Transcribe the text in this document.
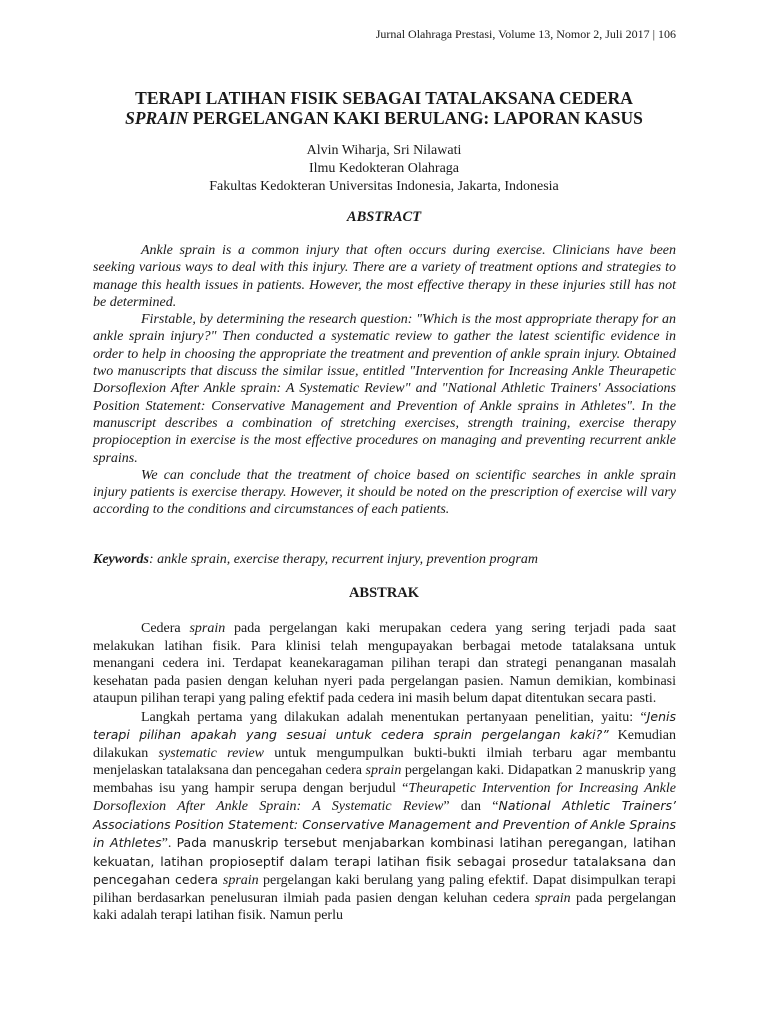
Jurnal Olahraga Prestasi, Volume 13, Nomor 2, Juli 2017 | 106
TERAPI LATIHAN FISIK SEBAGAI TATALAKSANA CEDERA
SPRAIN PERGELANGAN KAKI BERULANG: LAPORAN KASUS
Alvin Wiharja, Sri Nilawati
Ilmu Kedokteran Olahraga
Fakultas Kedokteran Universitas Indonesia, Jakarta, Indonesia
ABSTRACT

Ankle sprain is a common injury that often occurs during exercise. Clinicians have been seeking various ways to deal with this injury. There are a variety of treatment options and strategies to manage this health issues in patients. However, the most effective therapy in these injuries still has not be determined.

Firstable, by determining the research question: "Which is the most appropriate therapy for an ankle sprain injury?" Then conducted a systematic review to gather the latest scientific evidence in order to help in choosing the appropriate the treatment and prevention of ankle sprain injury. Obtained two manuscripts that discuss the similar issue, entitled "Intervention for Increasing Ankle Theurapetic Dorsoflexion After Ankle sprain: A Systematic Review" and "National Athletic Trainers' Associations Position Statement: Conservative Management and Prevention of Ankle sprains in Athletes". In the manuscript describes a combination of stretching exercises, strength training, exercise therapy propioception in exercise is the most effective procedures on managing and preventing recurrent ankle sprains.

We can conclude that the treatment of choice based on scientific searches in ankle sprain injury patients is exercise therapy. However, it should be noted on the prescription of exercise will vary according to the conditions and circumstances of each patients.

Keywords: ankle sprain, exercise therapy, recurrent injury, prevention program
ABSTRAK

Cedera sprain pada pergelangan kaki merupakan cedera yang sering terjadi pada saat melakukan latihan fisik. Para klinisi telah mengupayakan berbagai metode tatalaksana untuk menangani cedera ini. Terdapat keanekaragaman pilihan terapi dan strategi penanganan masalah kesehatan pada pasien dengan keluhan nyeri pada pergelangan pasien. Namun demikian, kombinasi ataupun pilihan terapi yang paling efektif pada cedera ini masih belum dapat ditentukan secara pasti.

Langkah pertama yang dilakukan adalah menentukan pertanyaan penelitian, yaitu: “Jenis terapi pilihan apakah yang sesuai untuk cedera sprain pergelangan kaki?” Kemudian dilakukan systematic review untuk mengumpulkan bukti-bukti ilmiah terbaru agar membantu menjelaskan tatalaksana dan pencegahan cedera sprain pergelangan kaki. Didapatkan 2 manuskrip yang membahas isu yang hampir serupa dengan berjudul “Theurapetic Intervention for Increasing Ankle Dorsoflexion After Ankle Sprain: A Systematic Review” dan “National Athletic Trainers’ Associations Position Statement: Conservative Management and Prevention of Ankle Sprains in Athletes”. Pada manuskrip tersebut menjabarkan kombinasi latihan peregangan, latihan kekuatan, latihan propioseptif dalam terapi latihan fisik sebagai prosedur tatalaksana dan pencegahan cedera sprain pergelangan kaki berulang yang paling efektif. Dapat disimpulkan terapi pilihan berdasarkan penelusuran ilmiah pada pasien dengan keluhan cedera sprain pada pergelangan kaki adalah terapi latihan fisik. Namun perlu
